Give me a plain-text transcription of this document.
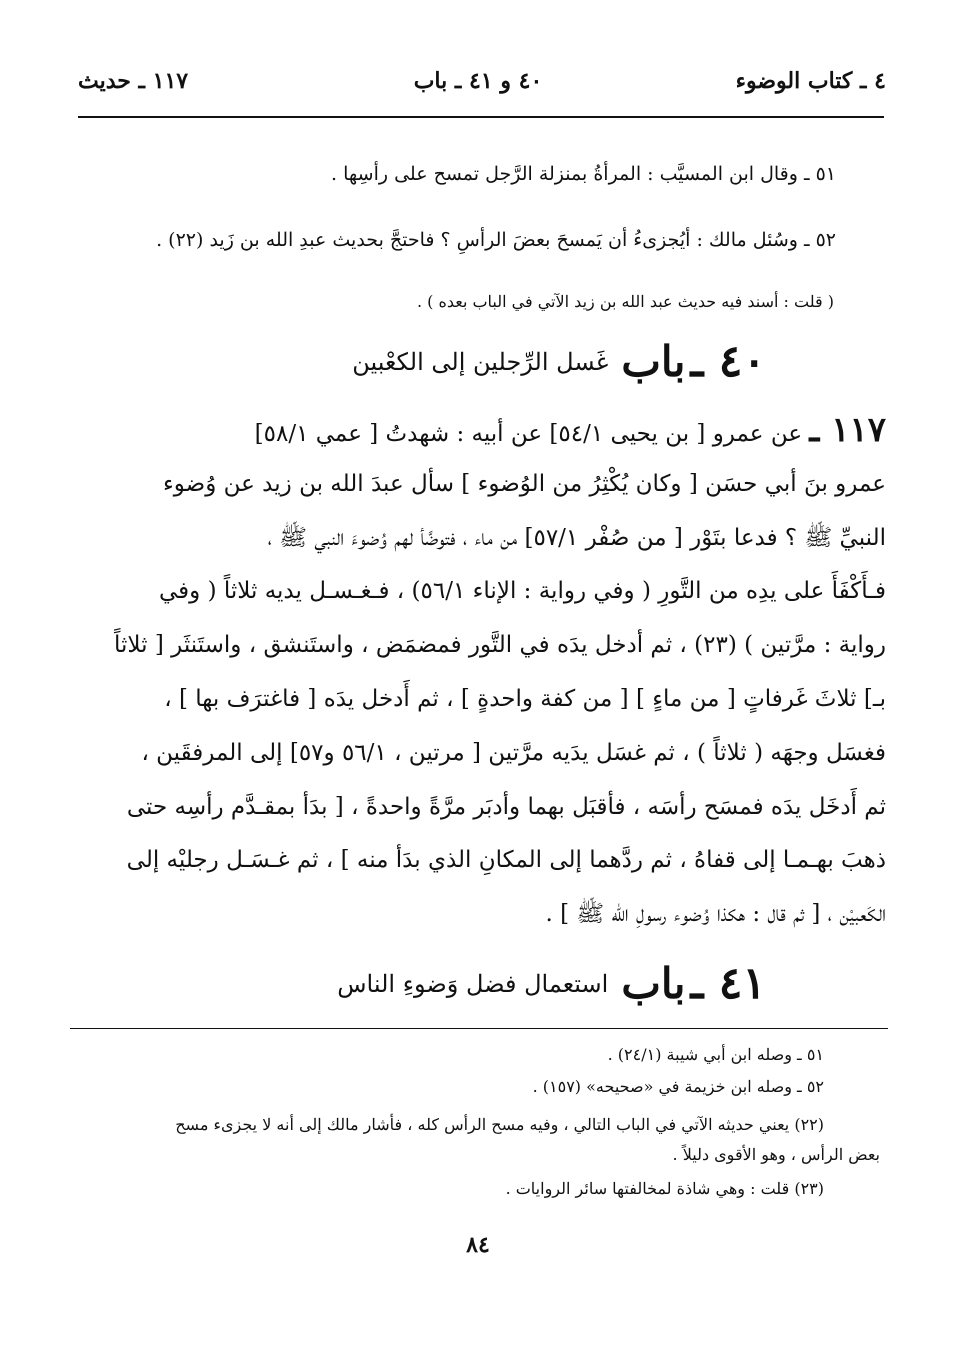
٤ ـ كتاب الوضوء
٤٠ و ٤١ ـ باب
١١٧ ـ حديث
٥١ ـ وقال ابن المسيَّب : المرأةُ بمنزلة الرَّجل تمسح على رأسِها .
٥٢ ـ وسُئل مالك : أيُجزىءُ أن يَمسحَ بعضَ الرأسِ ؟ فاحتجَّ بحديث عبدِ الله بن زَيد (٢٢) .
( قلت : أسند فيه حديث عبد الله بن زيد الآتي في الباب بعده ) .
٤٠ ـ باب غَسل الرِّجلين إلى الكعْبين
١١٧ ـ عن عمرو [ بن يحيى ٥٤/١] عن أبيه : شهدتُ [ عمي ٥٨/١]
عمرو بنَ أبي حسَن [ وكان يُكْثِرُ من الوُضوء ] سأل عبدَ الله بن زيد عن وُضوء
النبيِّ ﷺ ؟ فدعا بتَوْر [ من صُفْر ٥٧/١] من ماء ، فتوضَّأ لهم وُضوءَ النبي ﷺ ،
فـأَكْفَأَ على يدِه من التَّورِ ( وفي رواية : الإناء ٥٦/١) ، فـغـسـل يديه ثلاثاً ( وفي
رواية : مرَّتين ) (٢٣) ، ثم أدخل يدَه في التَّور فمضمَض ، واستَنشق ، واستَنثَر [ ثلاثاً
بـ] ثلاثَ غَرفاتٍ [ من ماءٍ ] [ من كفة واحدةٍ ] ، ثم أَدخل يدَه [ فاغترَف بها ] ،
فغسَل وجهَه ( ثلاثاً ) ، ثم غسَل يدَيه مرَّتين [ مرتين ، ٥٦/١ و٥٧] إلى المرفقَين ،
ثم أَدخَل يدَه فمسَح رأسَه ، فأقبَل بهما وأدبَر مرَّةً واحدةً ، [ بدَأ بمقـدَّم رأسِه حتى
ذهبَ بهـمـا إلى قفاهُ ، ثم ردَّهما إلى المكانِ الذي بدَأ منه ] ، ثم غـسَـل رجليْه إلى
الكَعبيْن ، [ ثم قال : هكذا وُضوء رسولِ الله ﷺ ] .
٤١ ـ باب استعمال فضل وَضوءِ الناس
٥١ ـ وصله ابن أبي شيبة (٢٤/١) .
٥٢ ـ وصله ابن خزيمة في «صحيحه» (١٥٧) .
(٢٢) يعني حديثه الآتي في الباب التالي ، وفيه مسح الرأس كله ، فأشار مالك إلى أنه لا يجزىء مسح
بعض الرأس ، وهو الأقوى دليلاً .
(٢٣) قلت : وهي شاذة لمخالفتها سائر الروايات .
٨٤
